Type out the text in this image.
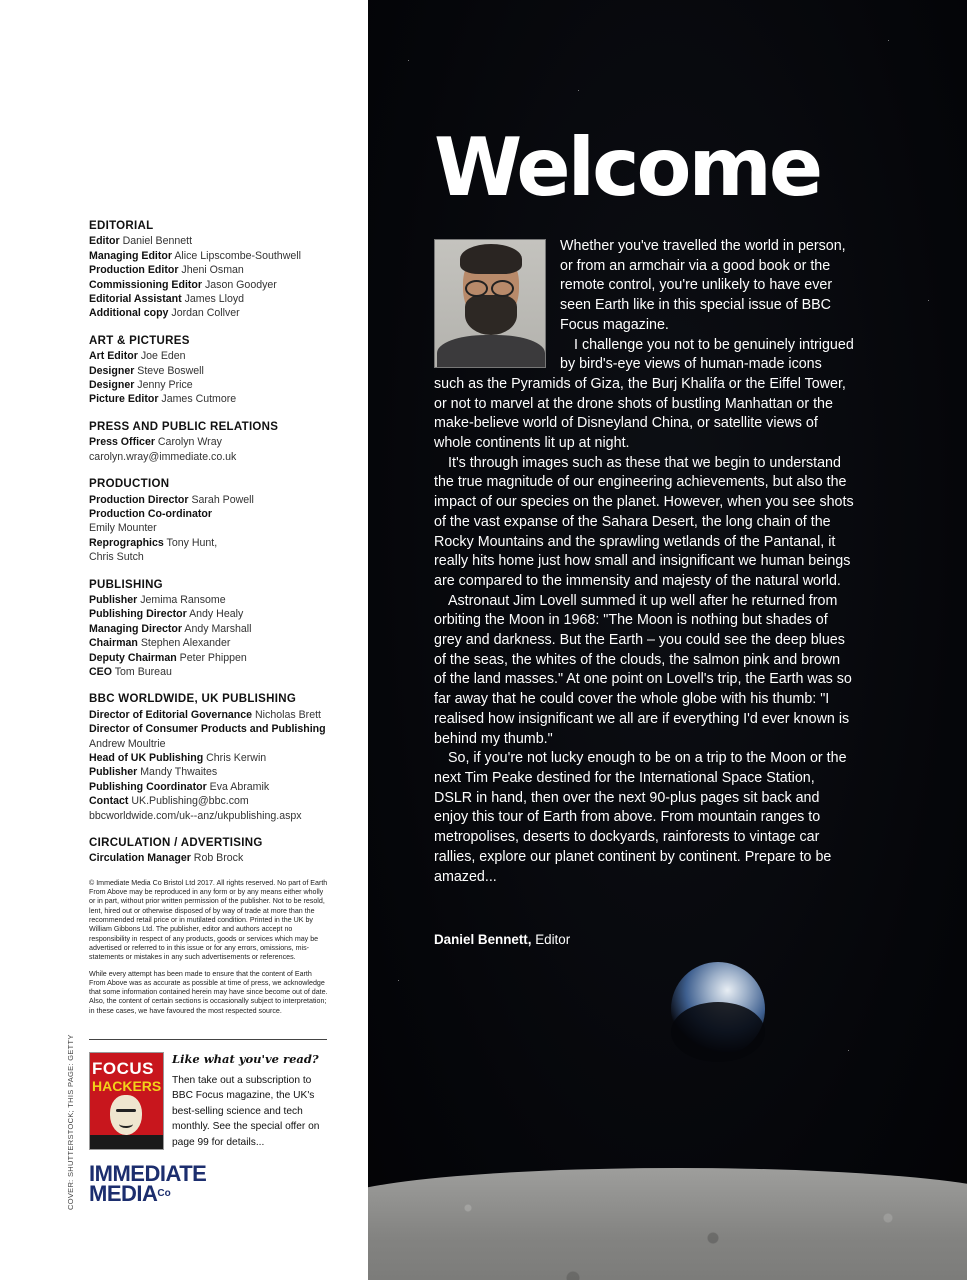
EDITORIAL
Editor Daniel Bennett
Managing Editor Alice Lipscombe-Southwell
Production Editor Jheni Osman
Commissioning Editor Jason Goodyer
Editorial Assistant James Lloyd
Additional copy Jordan Collver
ART & PICTURES
Art Editor Joe Eden
Designer Steve Boswell
Designer Jenny Price
Picture Editor James Cutmore
PRESS AND PUBLIC RELATIONS
Press Officer Carolyn Wray
carolyn.wray@immediate.co.uk
PRODUCTION
Production Director Sarah Powell
Production Co-ordinator
Emily Mounter
Reprographics Tony Hunt,
Chris Sutch
PUBLISHING
Publisher Jemima Ransome
Publishing Director Andy Healy
Managing Director Andy Marshall
Chairman Stephen Alexander
Deputy Chairman Peter Phippen
CEO Tom Bureau
BBC WORLDWIDE, UK PUBLISHING
Director of Editorial Governance Nicholas Brett
Director of Consumer Products and Publishing
Andrew Moultrie
Head of UK Publishing Chris Kerwin
Publisher Mandy Thwaites
Publishing Coordinator Eva Abramik
Contact UK.Publishing@bbc.com
bbcworldwide.com/uk--anz/ukpublishing.aspx
CIRCULATION / ADVERTISING
Circulation Manager Rob Brock

© Immediate Media Co Bristol Ltd 2017. All rights reserved. No part of Earth From Above may be reproduced in any form or by any means either wholly or in part, without prior written permission of the publisher. Not to be resold, lent, hired out or otherwise disposed of by way of trade at more than the recommended retail price or in mutilated condition. Printed in the UK by William Gibbons Ltd. The publisher, editor and authors accept no responsibility in respect of any products, goods or services which may be advertised or referred to in this issue or for any errors, omissions, mis-statements or mistakes in any such advertisements or references.

While every attempt has been made to ensure that the content of Earth From Above was as accurate as possible at time of press, we acknowledge that some information contained herein may have since become out of date. Also, the content of certain sections is occasionally subject to interpretation; in these cases, we have favoured the most respected source.

FOCUS
HACKERS
Like what you've read?
Then take out a subscription to BBC Focus magazine, the UK's best-selling science and tech monthly. See the special offer on page 99 for details...
IMMEDIATE
$MEDIA^{Co}$
COVER: SHUTTERSTOCK; THIS PAGE: GETTY
Welcome

Whether you've travelled the world in person, or from an armchair via a good book or the remote control, you're unlikely to have ever seen Earth like in this special issue of BBC Focus magazine.

I challenge you not to be genuinely intrigued by bird's-eye views of human-made icons such as the Pyramids of Giza, the Burj Khalifa or the Eiffel Tower, or not to marvel at the drone shots of bustling Manhattan or the make-believe world of Disneyland China, or satellite views of whole continents lit up at night.

It's through images such as these that we begin to understand the true magnitude of our engineering achievements, but also the impact of our species on the planet. However, when you see shots of the vast expanse of the Sahara Desert, the long chain of the Rocky Mountains and the sprawling wetlands of the Pantanal, it really hits home just how small and insignificant we human beings are compared to the immensity and majesty of the natural world.

Astronaut Jim Lovell summed it up well after he returned from orbiting the Moon in 1968: "The Moon is nothing but shades of grey and darkness. But the Earth – you could see the deep blues of the seas, the whites of the clouds, the salmon pink and brown of the land masses." At one point on Lovell's trip, the Earth was so far away that he could cover the whole globe with his thumb: "I realised how insignificant we all are if everything I'd ever known is behind my thumb."

So, if you're not lucky enough to be on a trip to the Moon or the next Tim Peake destined for the International Space Station, DSLR in hand, then over the next 90-plus pages sit back and enjoy this tour of Earth from above. From mountain ranges to metropolises, deserts to dockyards, rainforests to vintage car rallies, explore our planet continent by continent. Prepare to be amazed...

Daniel Bennett, Editor
